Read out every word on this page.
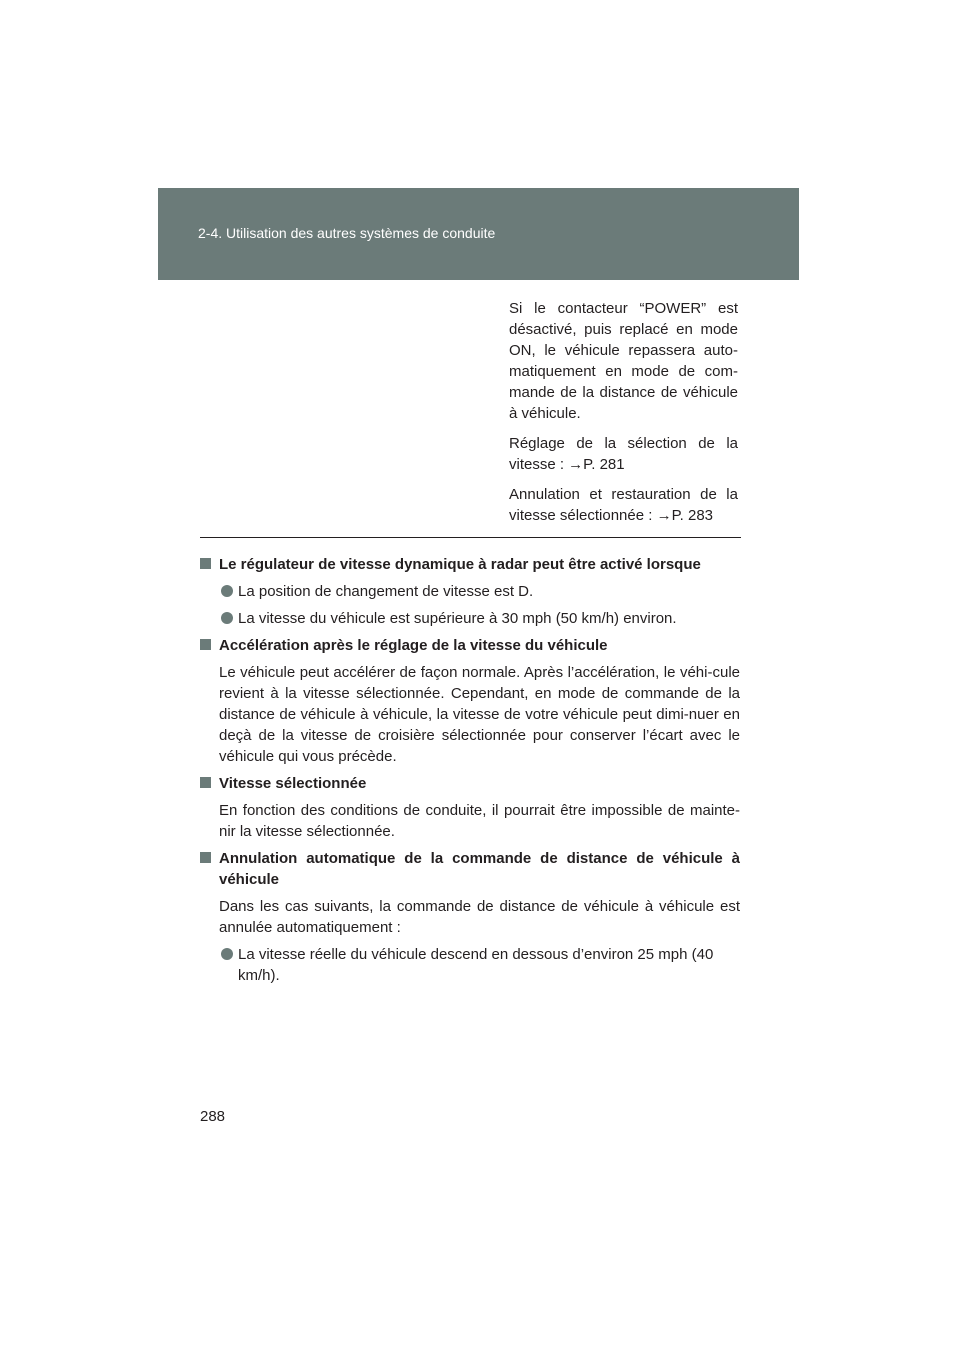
2-4. Utilisation des autres systèmes de conduite

Si le contacteur “POWER” est désactivé, puis replacé en mode ON, le véhicule repassera auto-matiquement en mode de com-mande de la distance de véhicule à véhicule.

Réglage de la sélection de la vitesse : →P. 281

Annulation et restauration de la vitesse sélectionnée : →P. 283

Le régulateur de vitesse dynamique à radar peut être activé lorsque
La position de changement de vitesse est D.
La vitesse du véhicule est supérieure à 30 mph (50 km/h) environ.
Accélération après le réglage de la vitesse du véhicule
Le véhicule peut accélérer de façon normale. Après l’accélération, le véhi-cule revient à la vitesse sélectionnée. Cependant, en mode de commande de la distance de véhicule à véhicule, la vitesse de votre véhicule peut dimi-nuer en deçà de la vitesse de croisière sélectionnée pour conserver l’écart avec le véhicule qui vous précède.
Vitesse sélectionnée
En fonction des conditions de conduite, il pourrait être impossible de mainte-nir la vitesse sélectionnée.
Annulation automatique de la commande de distance de véhicule à véhicule
Dans les cas suivants, la commande de distance de véhicule à véhicule est annulée automatiquement :
La vitesse réelle du véhicule descend en dessous d’environ 25 mph (40 km/h).
288
